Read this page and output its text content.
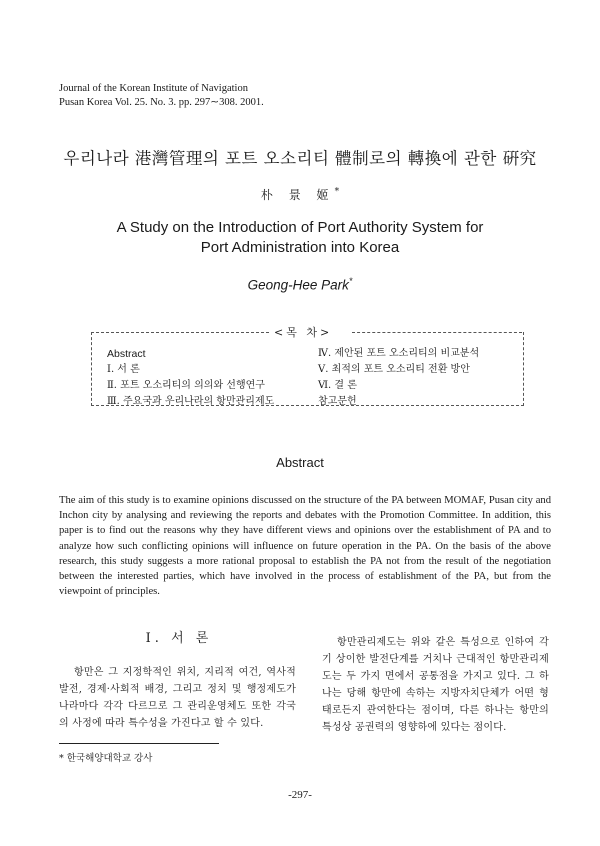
Journal of the Korean Institute of Navigation
Pusan Korea Vol. 25. No. 3. pp. 297∼308. 2001.
우리나라 港灣管理의 포트 오소리티 體制로의 轉換에 관한 硏究
朴 景 姬*
A Study on the Introduction of Port Authority System for
Port Administration into Korea
Geong-Hee Park*
<목 차>
Abstract
Ⅰ. 서 론
Ⅱ. 포트 오소리티의 의의와 선행연구
Ⅲ. 주요국과 우리나라의 항만관리제도
Ⅳ. 제안된 포트 오소리티의 비교분석
Ⅴ. 최적의 포트 오소리티 전환 방안
Ⅵ. 결 론
참고문헌
Abstract
The aim of this study is to examine opinions discussed on the structure of the PA between MOMAF, Pusan city and Inchon city by analysing and reviewing the reports and debates with the Promotion Committee. In addition, this paper is to find out the reasons why they have different views and opinions over the establishment of PA and to analyze how such conflicting opinions will influence on future operation in the PA. On the basis of the above research, this study suggests a more rational proposal to establish the PA not from the result of the negotiation between the interested parties, which have involved in the process of establishment of the PA, but from the viewpoint of principles.
Ⅰ. 서 론

항만은 그 지정학적인 위치, 지리적 여건, 역사적 발전, 경제·사회적 배경, 그리고 정치 및 행정제도가 나라마다 각각 다르므로 그 관리운영체도 또한 각국의 사정에 따라 특수성을 가진다고 할 수 있다.

항만관리제도는 위와 같은 특성으로 인하여 각기 상이한 발전단계를 거치나 근대적인 항만관리제도는 두 가지 면에서 공통점을 가지고 있다. 그 하나는 당해 항만에 속하는 지방자치단체가 어떤 형태로든지 관여한다는 점이며, 다른 하나는 항만의 특성상 공권력의 영향하에 있다는 점이다.

* 한국해양대학교 강사
-297-
